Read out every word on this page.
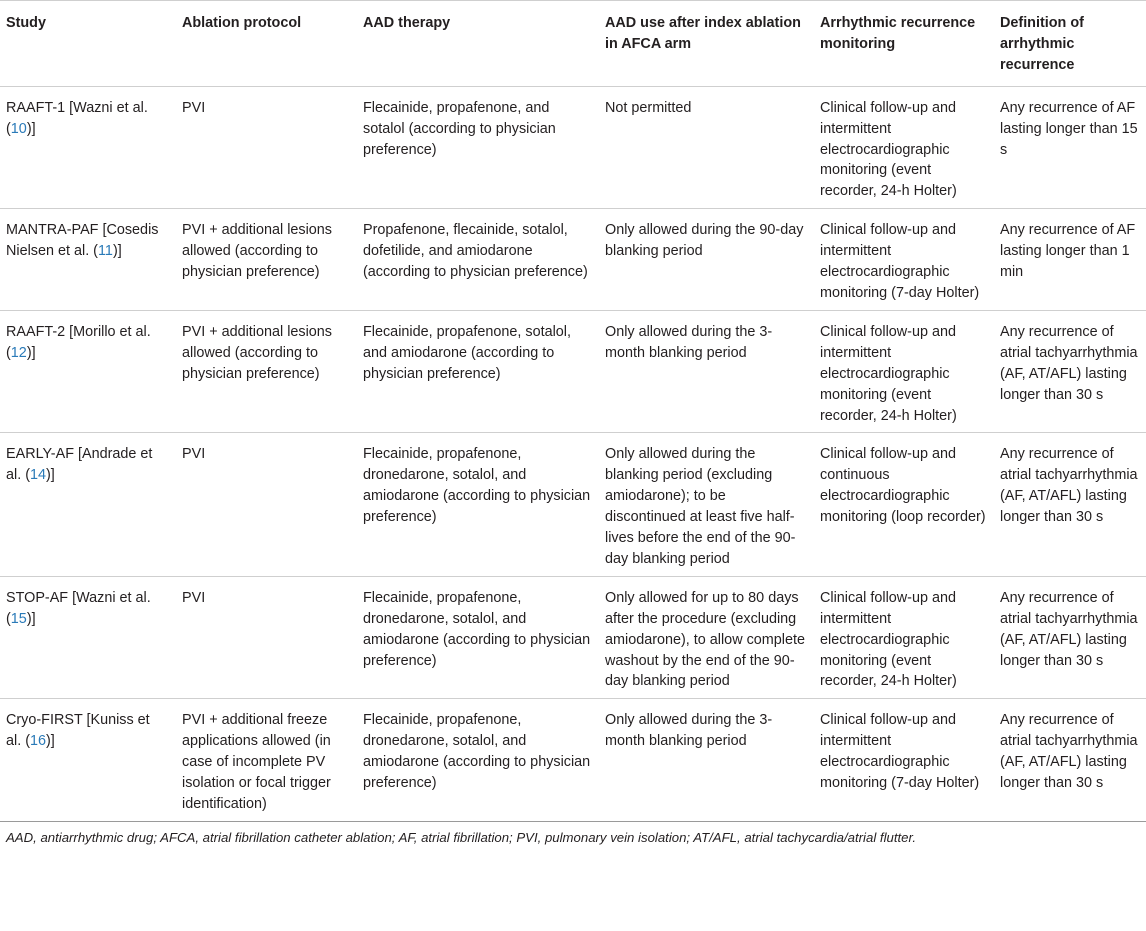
Study	Ablation protocol	AAD therapy	AAD use after index ablation in AFCA arm	Arrhythmic recurrence monitoring	Definition of arrhythmic recurrence
RAAFT-1 [Wazni et al. (10)]	PVI	Flecainide, propafenone, and sotalol (according to physician preference)	Not permitted	Clinical follow-up and intermittent electrocardiographic monitoring (event recorder, 24-h Holter)	Any recurrence of AF lasting longer than 15 s
MANTRA-PAF [Cosedis Nielsen et al. (11)]	PVI + additional lesions allowed (according to physician preference)	Propafenone, flecainide, sotalol, dofetilide, and amiodarone (according to physician preference)	Only allowed during the 90-day blanking period	Clinical follow-up and intermittent electrocardiographic monitoring (7-day Holter)	Any recurrence of AF lasting longer than 1 min
RAAFT-2 [Morillo et al. (12)]	PVI + additional lesions allowed (according to physician preference)	Flecainide, propafenone, sotalol, and amiodarone (according to physician preference)	Only allowed during the 3-month blanking period	Clinical follow-up and intermittent electrocardiographic monitoring (event recorder, 24-h Holter)	Any recurrence of atrial tachyarrhythmia (AF, AT/AFL) lasting longer than 30 s
EARLY-AF [Andrade et al. (14)]	PVI	Flecainide, propafenone, dronedarone, sotalol, and amiodarone (according to physician preference)	Only allowed during the blanking period (excluding amiodarone); to be discontinued at least five half-lives before the end of the 90-day blanking period	Clinical follow-up and continuous electrocardiographic monitoring (loop recorder)	Any recurrence of atrial tachyarrhythmia (AF, AT/AFL) lasting longer than 30 s
STOP-AF [Wazni et al. (15)]	PVI	Flecainide, propafenone, dronedarone, sotalol, and amiodarone (according to physician preference)	Only allowed for up to 80 days after the procedure (excluding amiodarone), to allow complete washout by the end of the 90-day blanking period	Clinical follow-up and intermittent electrocardiographic monitoring (event recorder, 24-h Holter)	Any recurrence of atrial tachyarrhythmia (AF, AT/AFL) lasting longer than 30 s
Cryo-FIRST [Kuniss et al. (16)]	PVI + additional freeze applications allowed (in case of incomplete PV isolation or focal trigger identification)	Flecainide, propafenone, dronedarone, sotalol, and amiodarone (according to physician preference)	Only allowed during the 3-month blanking period	Clinical follow-up and intermittent electrocardiographic monitoring (7-day Holter)	Any recurrence of atrial tachyarrhythmia (AF, AT/AFL) lasting longer than 30 s
AAD, antiarrhythmic drug; AFCA, atrial fibrillation catheter ablation; AF, atrial fibrillation; PVI, pulmonary vein isolation; AT/AFL, atrial tachycardia/atrial flutter.
